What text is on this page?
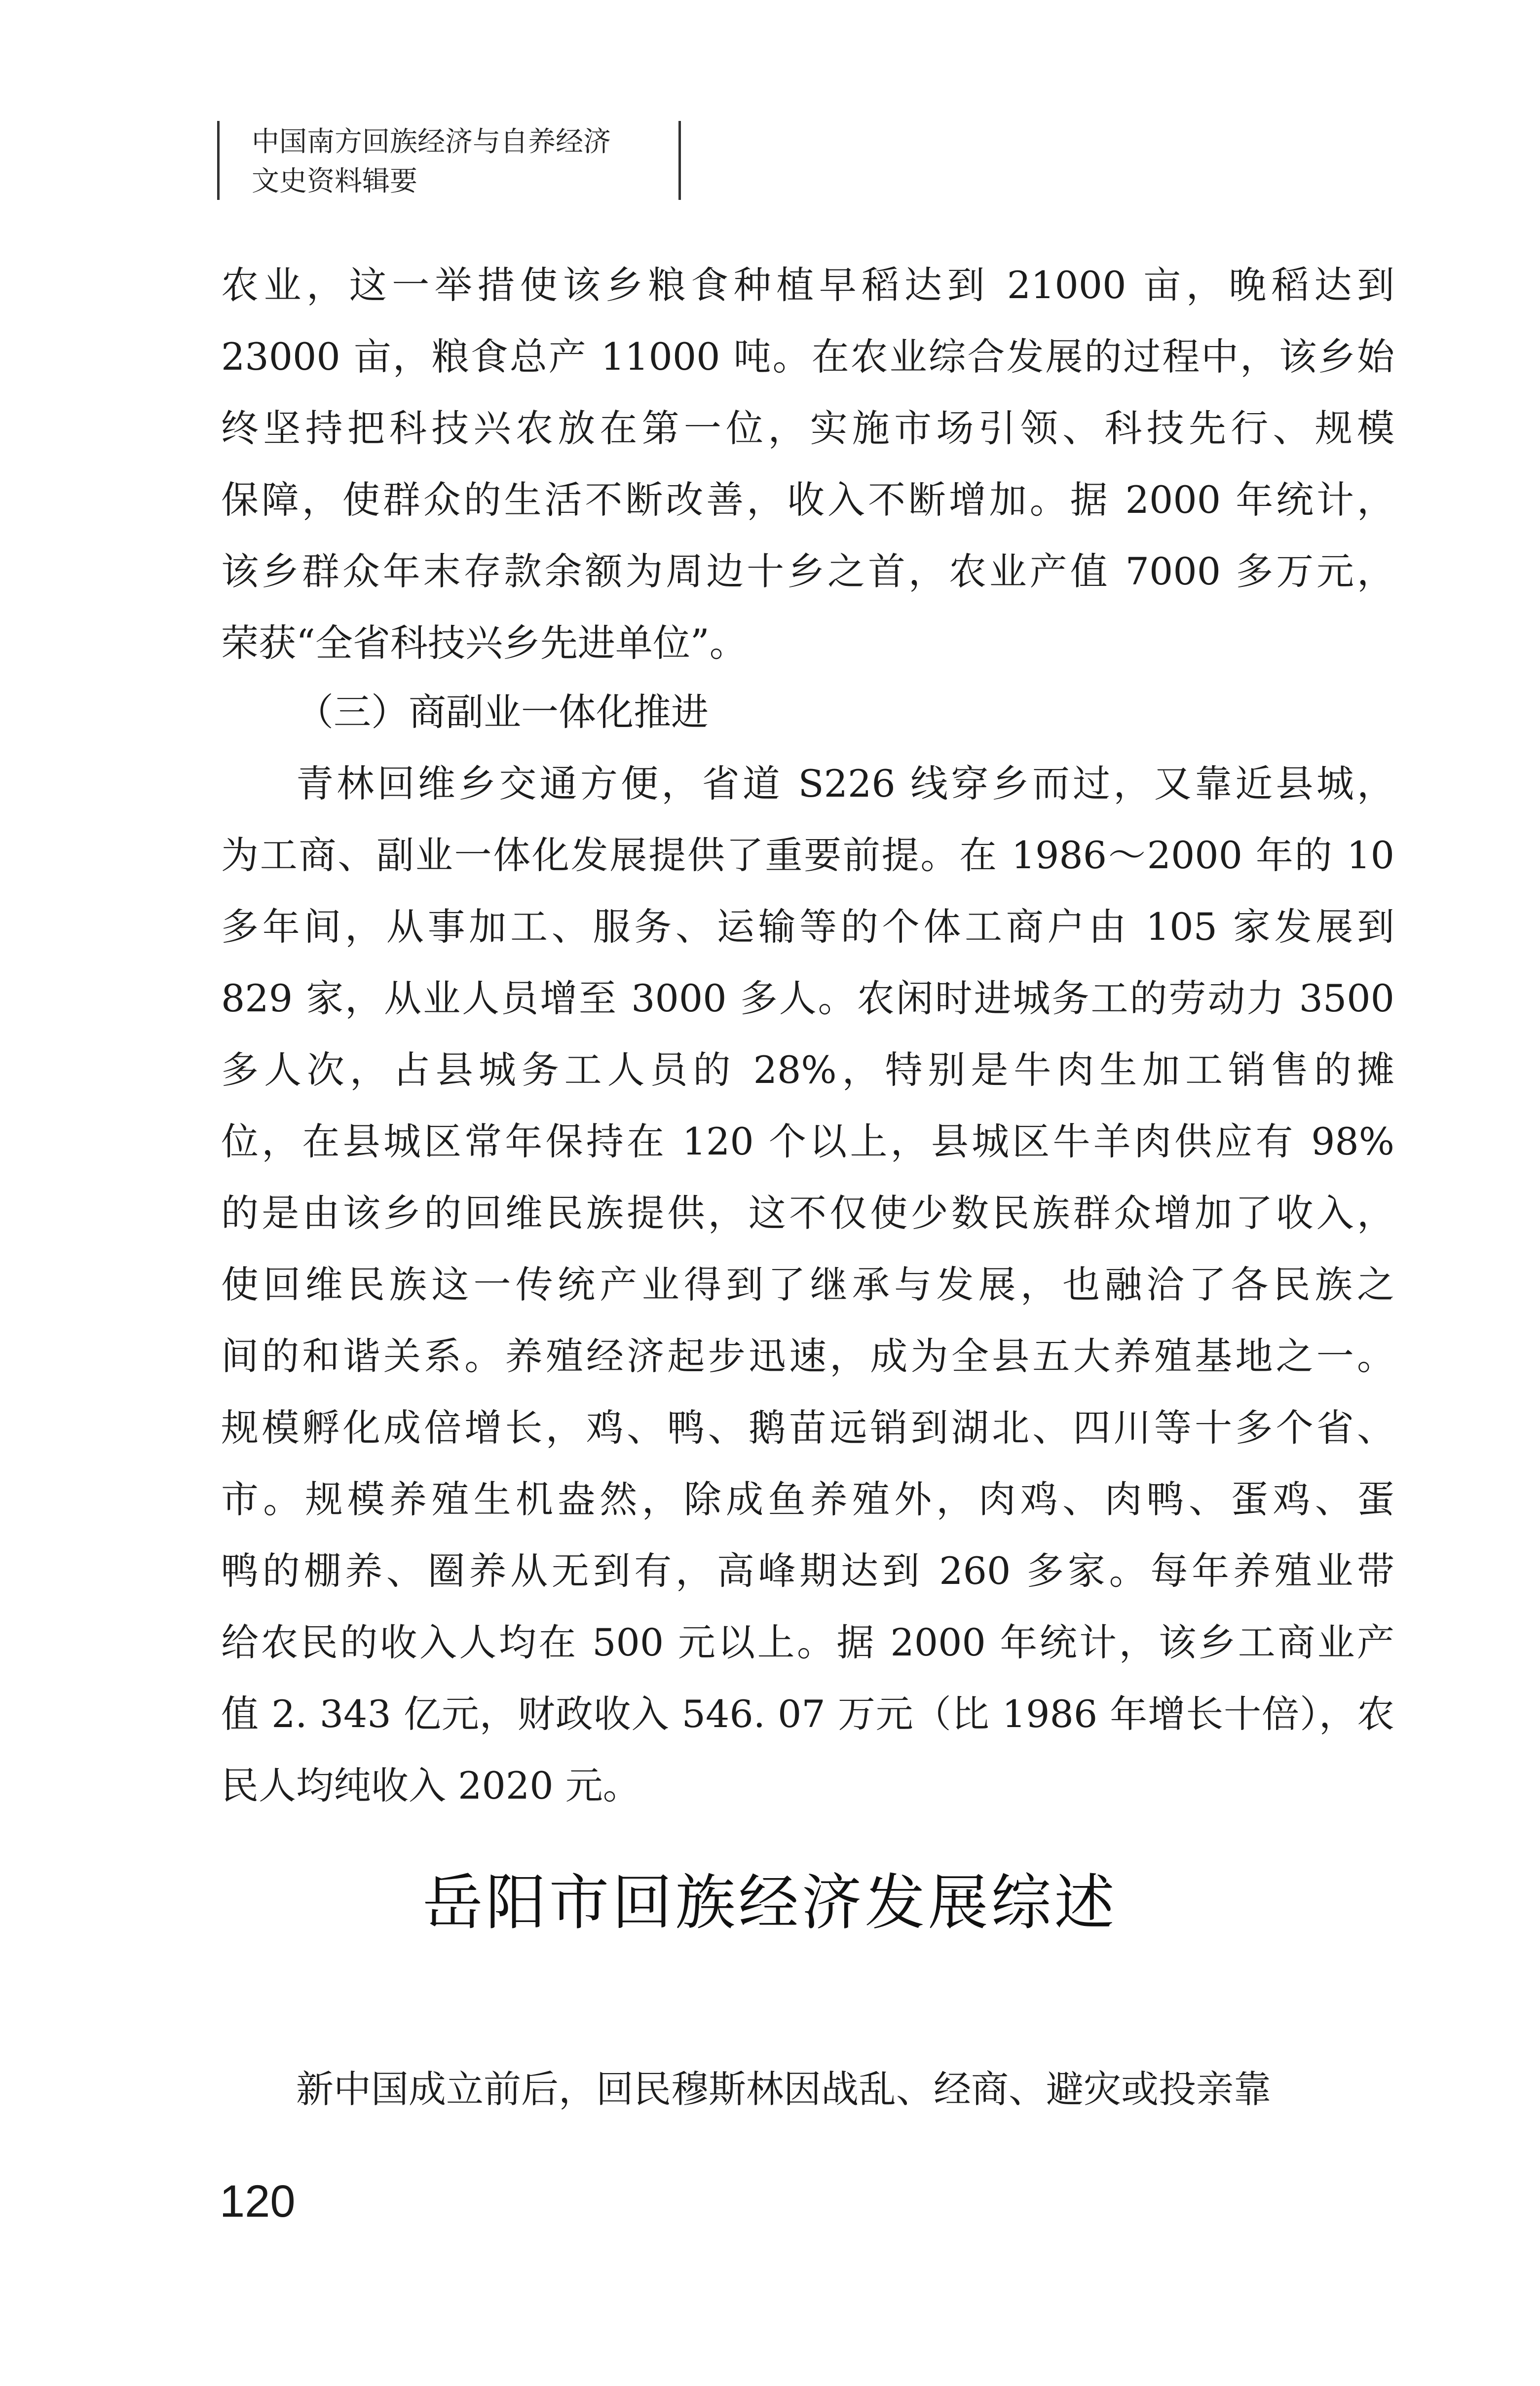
中国南方回族经济与自养经济
文史资料辑要
农业，这一举措使该乡粮食种植早稻达到 21000 亩，晚稻达到
23000 亩，粮食总产 11000 吨。在农业综合发展的过程中，该乡始
终坚持把科技兴农放在第一位，实施市场引领、科技先行、规模
保障，使群众的生活不断改善，收入不断增加。据 2000 年统计，
该乡群众年末存款余额为周边十乡之首，农业产值 7000 多万元，
荣获“全省科技兴乡先进单位”。
（三）商副业一体化推进
青林回维乡交通方便，省道 S226 线穿乡而过，又靠近县城，
为工商、副业一体化发展提供了重要前提。在 1986～2000 年的 10
多年间，从事加工、服务、运输等的个体工商户由 105 家发展到
829 家，从业人员增至 3000 多人。农闲时进城务工的劳动力 3500
多人次，占县城务工人员的 28%，特别是牛肉生加工销售的摊
位，在县城区常年保持在 120 个以上，县城区牛羊肉供应有 98%
的是由该乡的回维民族提供，这不仅使少数民族群众增加了收入，
使回维民族这一传统产业得到了继承与发展，也融洽了各民族之
间的和谐关系。养殖经济起步迅速，成为全县五大养殖基地之一。
规模孵化成倍增长，鸡、鸭、鹅苗远销到湖北、四川等十多个省、
市。规模养殖生机盎然，除成鱼养殖外，肉鸡、肉鸭、蛋鸡、蛋
鸭的棚养、圈养从无到有，高峰期达到 260 多家。每年养殖业带
给农民的收入人均在 500 元以上。据 2000 年统计，该乡工商业产
值 2. 343 亿元，财政收入 546. 07 万元（比 1986 年增长十倍），农
民人均纯收入 2020 元。
岳阳市回族经济发展综述
新中国成立前后，回民穆斯林因战乱、经商、避灾或投亲靠
120
